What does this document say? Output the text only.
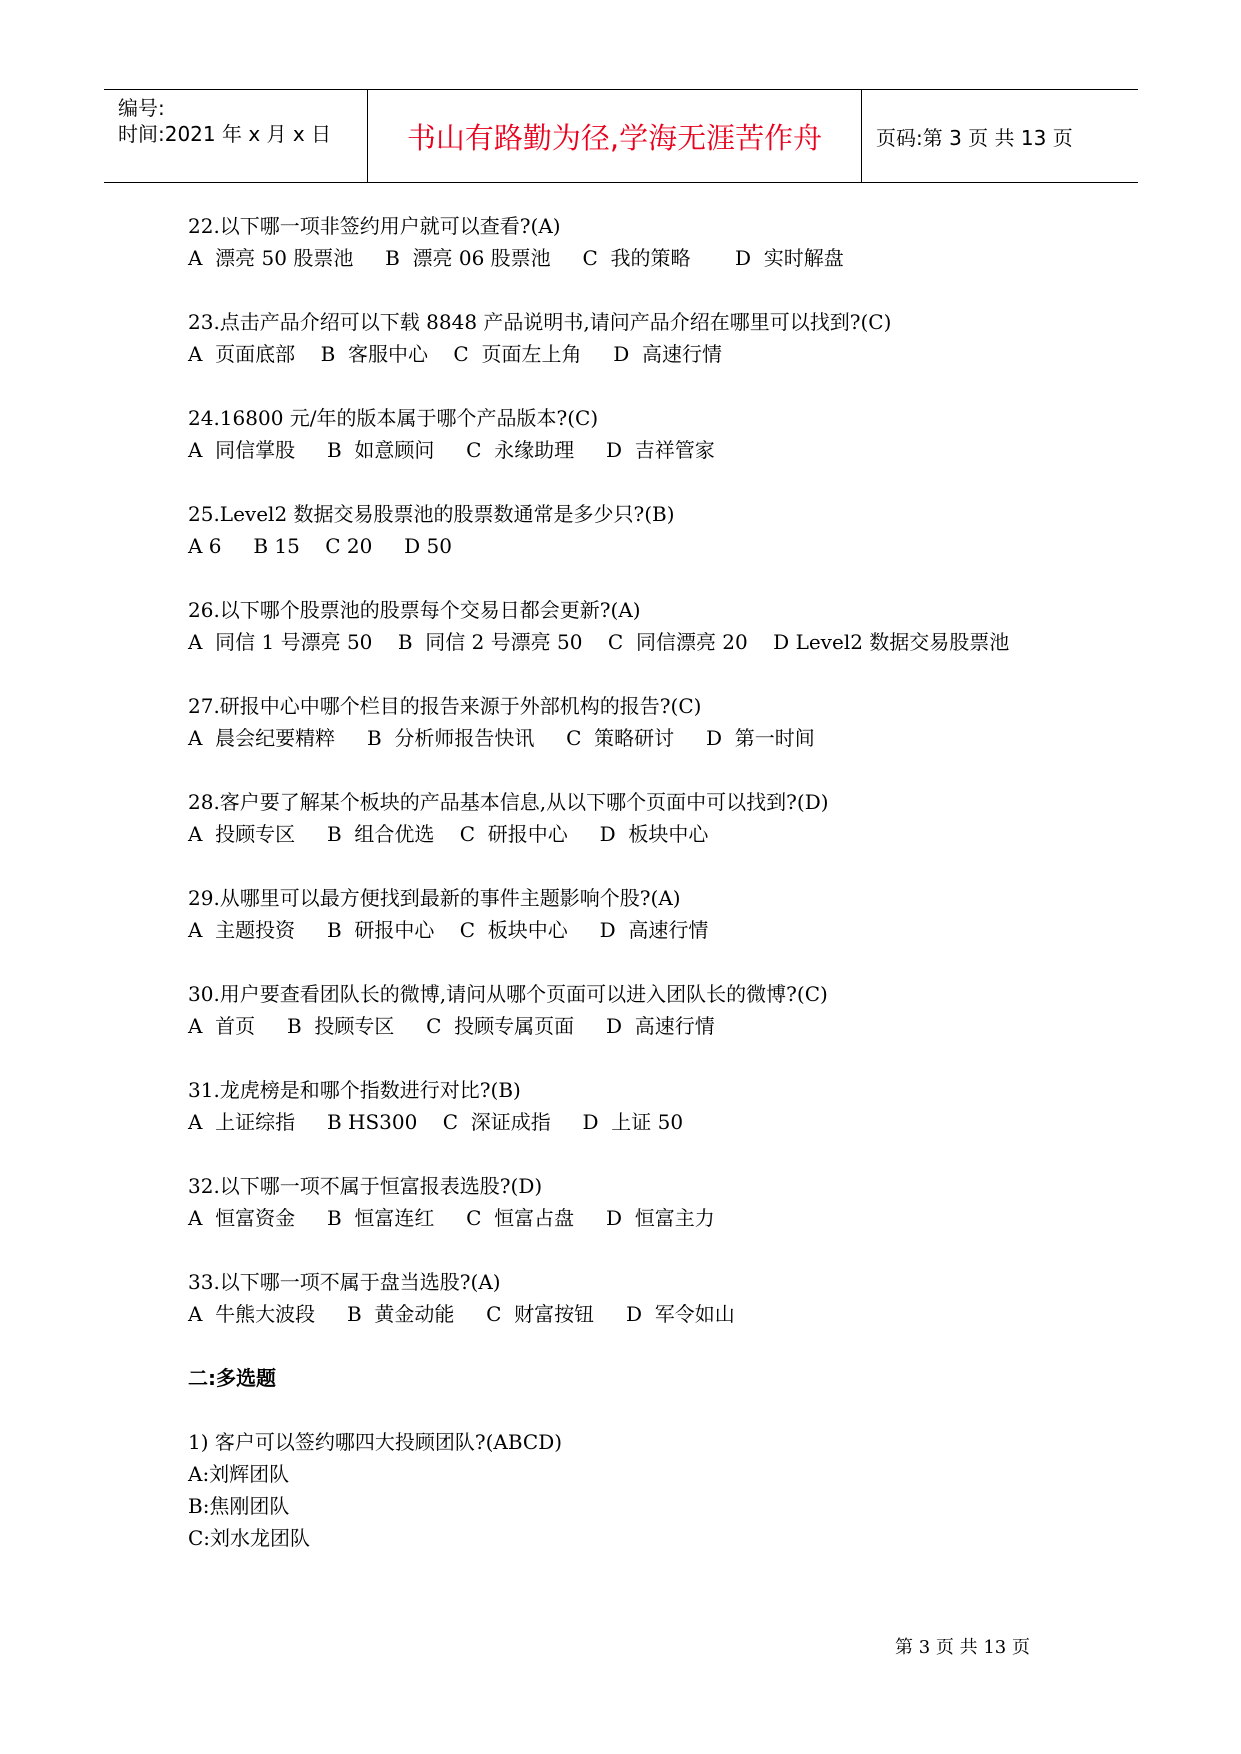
编号:
时间:2021 年 x 月 x 日	书山有路勤为径,学海无涯苦作舟	页码:第 3 页 共 13 页
22.以下哪一项非签约用户就可以查看?(A)
A  漂亮 50 股票池     B  漂亮 06 股票池     C  我的策略       D  实时解盘
23.点击产品介绍可以下载 8848 产品说明书,请问产品介绍在哪里可以找到?(C)
A  页面底部    B  客服中心    C  页面左上角     D  高速行情
24.16800 元/年的版本属于哪个产品版本?(C)
A  同信掌股     B  如意顾问     C  永缘助理     D  吉祥管家
25.Level2 数据交易股票池的股票数通常是多少只?(B)
A 6     B 15    C 20     D 50
26.以下哪个股票池的股票每个交易日都会更新?(A)
A  同信 1 号漂亮 50    B  同信 2 号漂亮 50    C  同信漂亮 20    D Level2 数据交易股票池
27.研报中心中哪个栏目的报告来源于外部机构的报告?(C)
A  晨会纪要精粹     B  分析师报告快讯     C  策略研讨     D  第一时间
28.客户要了解某个板块的产品基本信息,从以下哪个页面中可以找到?(D)
A  投顾专区     B  组合优选    C  研报中心     D  板块中心
29.从哪里可以最方便找到最新的事件主题影响个股?(A)
A  主题投资     B  研报中心    C  板块中心     D  高速行情
30.用户要查看团队长的微博,请问从哪个页面可以进入团队长的微博?(C)
A  首页     B  投顾专区     C  投顾专属页面     D  高速行情
31.龙虎榜是和哪个指数进行对比?(B)
A  上证综指     B HS300    C  深证成指     D  上证 50
32.以下哪一项不属于恒富报表选股?(D)
A  恒富资金     B  恒富连红     C  恒富占盘     D  恒富主力
33.以下哪一项不属于盘当选股?(A)
A  牛熊大波段     B  黄金动能     C  财富按钮     D  军令如山
二:多选题
1) 客户可以签约哪四大投顾团队?(ABCD)
A:刘辉团队
B:焦刚团队
C:刘水龙团队
第 3 页 共 13 页
